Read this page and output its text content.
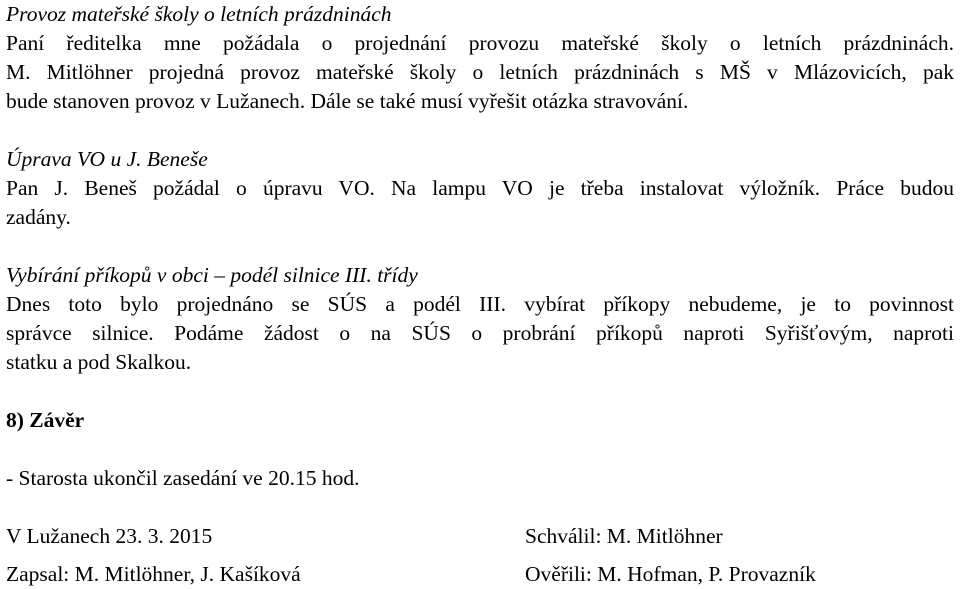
Provoz mateřské školy o letních prázdninách
Paní ředitelka mne požádala o projednání provozu mateřské školy o letních prázdninách.
M. Mitlöhner projedná provoz mateřské školy o letních prázdninách s MŠ v Mlázovicích, pak
bude stanoven provoz v Lužanech. Dále se také musí vyřešit otázka stravování.
Úprava VO u J. Beneše
Pan J. Beneš požádal o úpravu VO. Na lampu VO je třeba instalovat výložník. Práce budou
zadány.
Vybírání příkopů v obci – podél silnice III. třídy
Dnes toto bylo projednáno se SÚS a podél III. vybírat příkopy nebudeme, je to povinnost
správce silnice. Podáme žádost o na SÚS o probrání příkopů naproti Syřišťovým, naproti
statku a pod Skalkou.
8) Závěr
- Starosta ukončil zasedání ve 20.15 hod.
V Lužanech 23. 3. 2015	Schválil: M. Mitlöhner
Zapsal: M. Mitlöhner, J. Kašíková	Ověřili: M. Hofman, P. Provazník
